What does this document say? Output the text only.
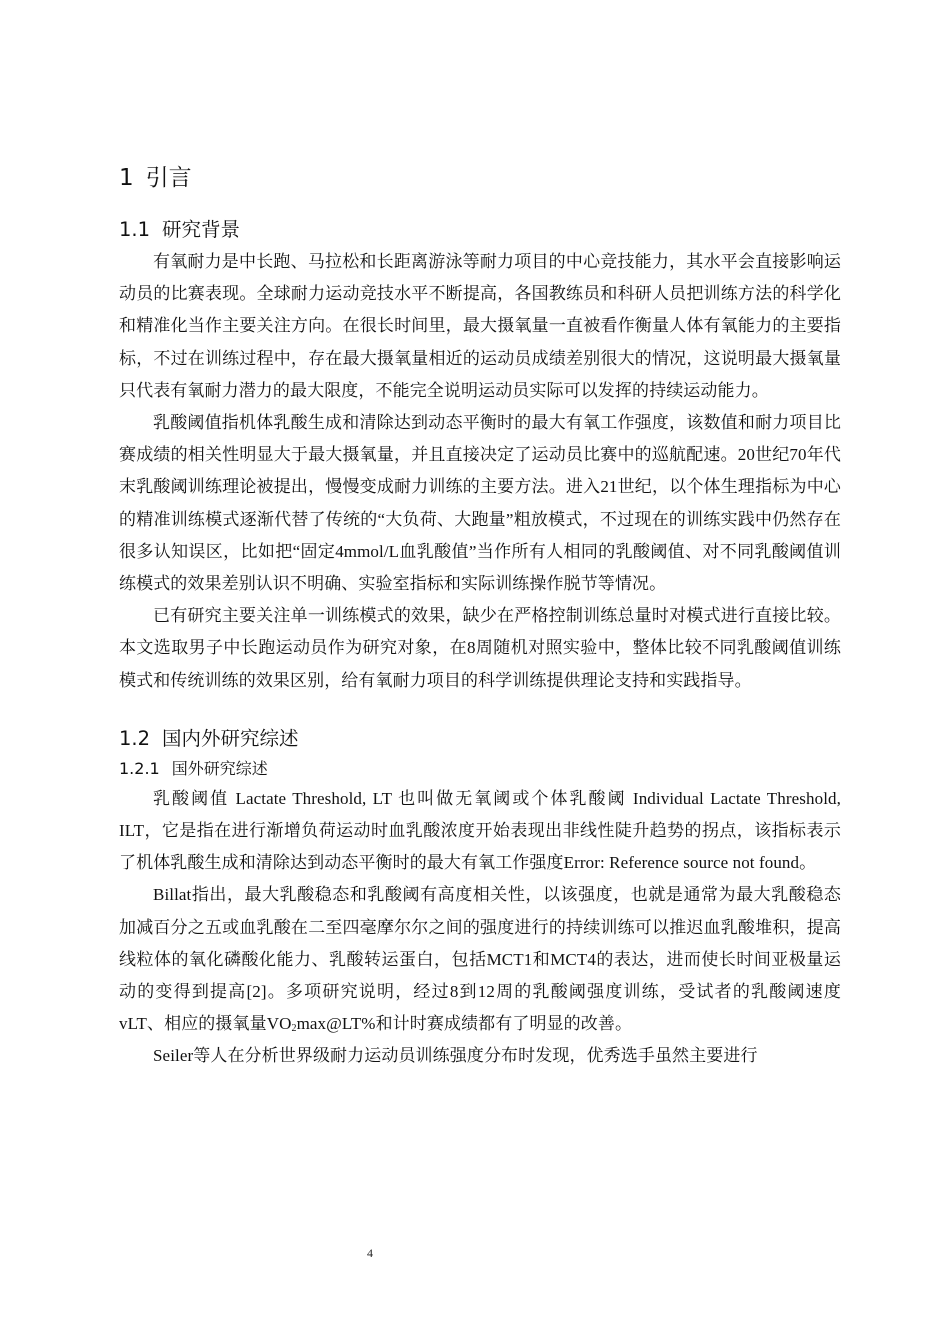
1 引言
1.1 研究背景

有氧耐力是中长跑、马拉松和长距离游泳等耐力项目的中心竞技能力，其水平会直接影响运动员的比赛表现。全球耐力运动竞技水平不断提高，各国教练员和科研人员把训练方法的科学化和精准化当作主要关注方向。在很长时间里，最大摄氧量一直被看作衡量人体有氧能力的主要指标，不过在训练过程中，存在最大摄氧量相近的运动员成绩差别很大的情况，这说明最大摄氧量只代表有氧耐力潜力的最大限度，不能完全说明运动员实际可以发挥的持续运动能力。

乳酸阈值指机体乳酸生成和清除达到动态平衡时的最大有氧工作强度，该数值和耐力项目比赛成绩的相关性明显大于最大摄氧量，并且直接决定了运动员比赛中的巡航配速。20世纪70年代末乳酸阈训练理论被提出，慢慢变成耐力训练的主要方法。进入21世纪，以个体生理指标为中心的精准训练模式逐渐代替了传统的“大负荷、大跑量”粗放模式，不过现在的训练实践中仍然存在很多认知误区，比如把“固定4mmol/L血乳酸值”当作所有人相同的乳酸阈值、对不同乳酸阈值训练模式的效果差别认识不明确、实验室指标和实际训练操作脱节等情况。

已有研究主要关注单一训练模式的效果，缺少在严格控制训练总量时对模式进行直接比较。本文选取男子中长跑运动员作为研究对象，在8周随机对照实验中，整体比较不同乳酸阈值训练模式和传统训练的效果区别，给有氧耐力项目的科学训练提供理论支持和实践指导。

1.2 国内外研究综述
1.2.1 国外研究综述

乳酸阈值 Lactate Threshold, LT 也叫做无氧阈或个体乳酸阈 Individual Lactate Threshold, ILT，它是指在进行渐增负荷运动时血乳酸浓度开始表现出非线性陡升趋势的拐点，该指标表示了机体乳酸生成和清除达到动态平衡时的最大有氧工作强度Error: Reference source not found。

Billat指出，最大乳酸稳态和乳酸阈有高度相关性，以该强度，也就是通常为最大乳酸稳态加减百分之五或血乳酸在二至四毫摩尔尔之间的强度进行的持续训练可以推迟血乳酸堆积，提高线粒体的氧化磷酸化能力、乳酸转运蛋白，包括MCT1和MCT4的表达，进而使长时间亚极量运动的变得到提高[2]。多项研究说明，经过8到12周的乳酸阈强度训练，受试者的乳酸阈速度vLT、相应的摄氧量$VO_2\max@LT\%$和计时赛成绩都有了明显的改善。

Seiler等人在分析世界级耐力运动员训练强度分布时发现，优秀选手虽然主要进行

4
